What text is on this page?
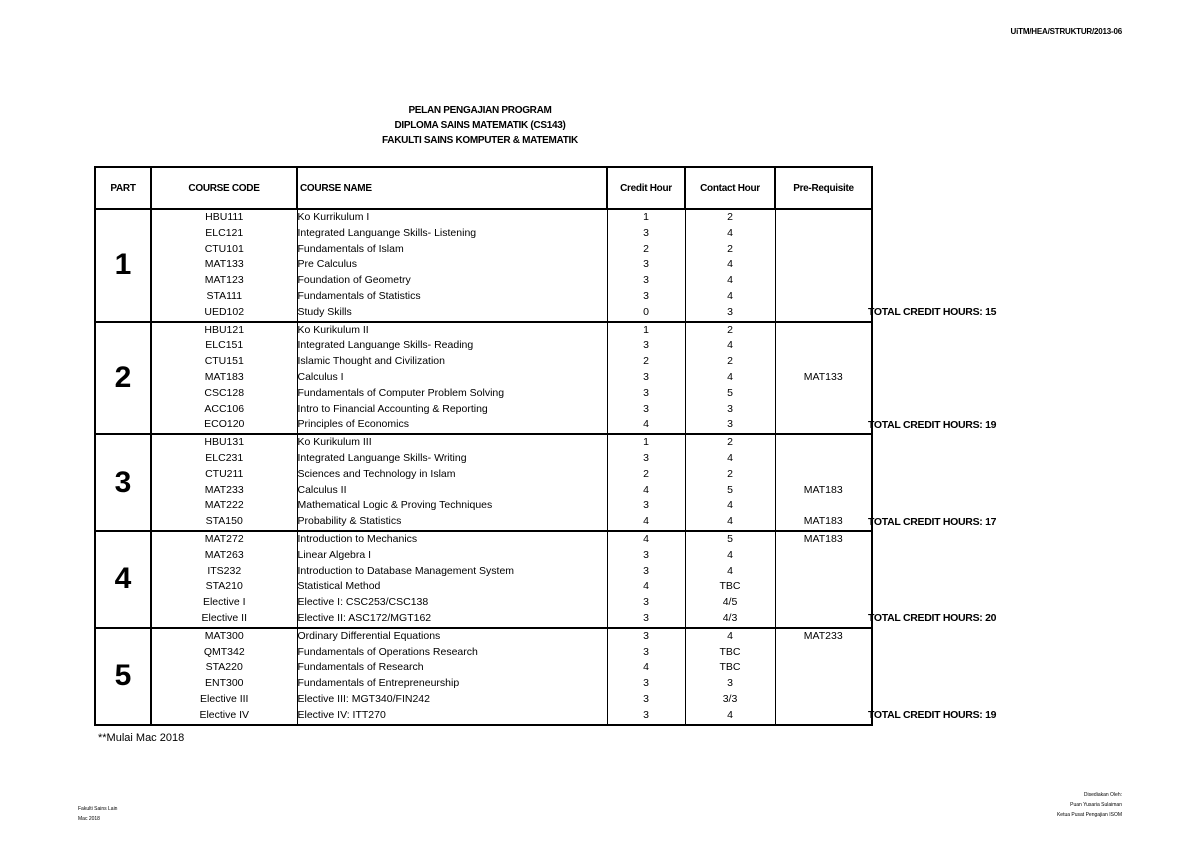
UiTM/HEA/STRUKTUR/2013-06
PELAN PENGAJIAN PROGRAM
DIPLOMA SAINS MATEMATIK (CS143)
FAKULTI SAINS KOMPUTER & MATEMATIK
PART	COURSE CODE	COURSE NAME	Credit Hour	Contact Hour	Pre-Requisite
1	HBU111	Ko Kurrikulum I	1	2	
	ELC121	Integrated Languange Skills- Listening	3	4	
	CTU101	Fundamentals of Islam	2	2	
	MAT133	Pre Calculus	3	4	
	MAT123	Foundation of Geometry	3	4	
	STA111	Fundamentals of Statistics	3	4	
	UED102	Study Skills	0	3	
2	HBU121	Ko Kurikulum II	1	2	
	ELC151	Integrated Languange Skills- Reading	3	4	
	CTU151	Islamic Thought and Civilization	2	2	
	MAT183	Calculus I	3	4	MAT133
	CSC128	Fundamentals of Computer Problem Solving	3	5	
	ACC106	Intro to Financial Accounting & Reporting	3	3	
	ECO120	Principles of Economics	4	3	
3	HBU131	Ko Kurikulum III	1	2	
	ELC231	Integrated Languange Skills- Writing	3	4	
	CTU211	Sciences and Technology in Islam	2	2	
	MAT233	Calculus II	4	5	MAT183
	MAT222	Mathematical Logic & Proving Techniques	3	4	
	STA150	Probability & Statistics	4	4	MAT183
4	MAT272	Introduction to Mechanics	4	5	MAT183
	MAT263	Linear Algebra I	3	4	
	ITS232	Introduction to Database Management System	3	4	
	STA210	Statistical Method	4	TBC	
	Elective I	Elective I: CSC253/CSC138	3	4/5	
	Elective II	Elective II: ASC172/MGT162	3	4/3	
5	MAT300	Ordinary Differential Equations	3	4	MAT233
	QMT342	Fundamentals of Operations Research	3	TBC	
	STA220	Fundamentals of Research	4	TBC	
	ENT300	Fundamentals of Entrepreneurship	3	3	
	Elective III	Elective III: MGT340/FIN242	3	3/3	
	Elective IV	Elective IV: ITT270	3	4	
TOTAL CREDIT HOURS: 15
TOTAL CREDIT HOURS: 19
TOTAL CREDIT HOURS: 17
TOTAL CREDIT HOURS: 20
TOTAL CREDIT HOURS: 19
**Mulai Mac 2018
Fakulti Sains Lain
Mac 2018
Disediakan Oleh:
Puan Yusaria Sulaiman
Ketua Pusat Pengajian ISOM
